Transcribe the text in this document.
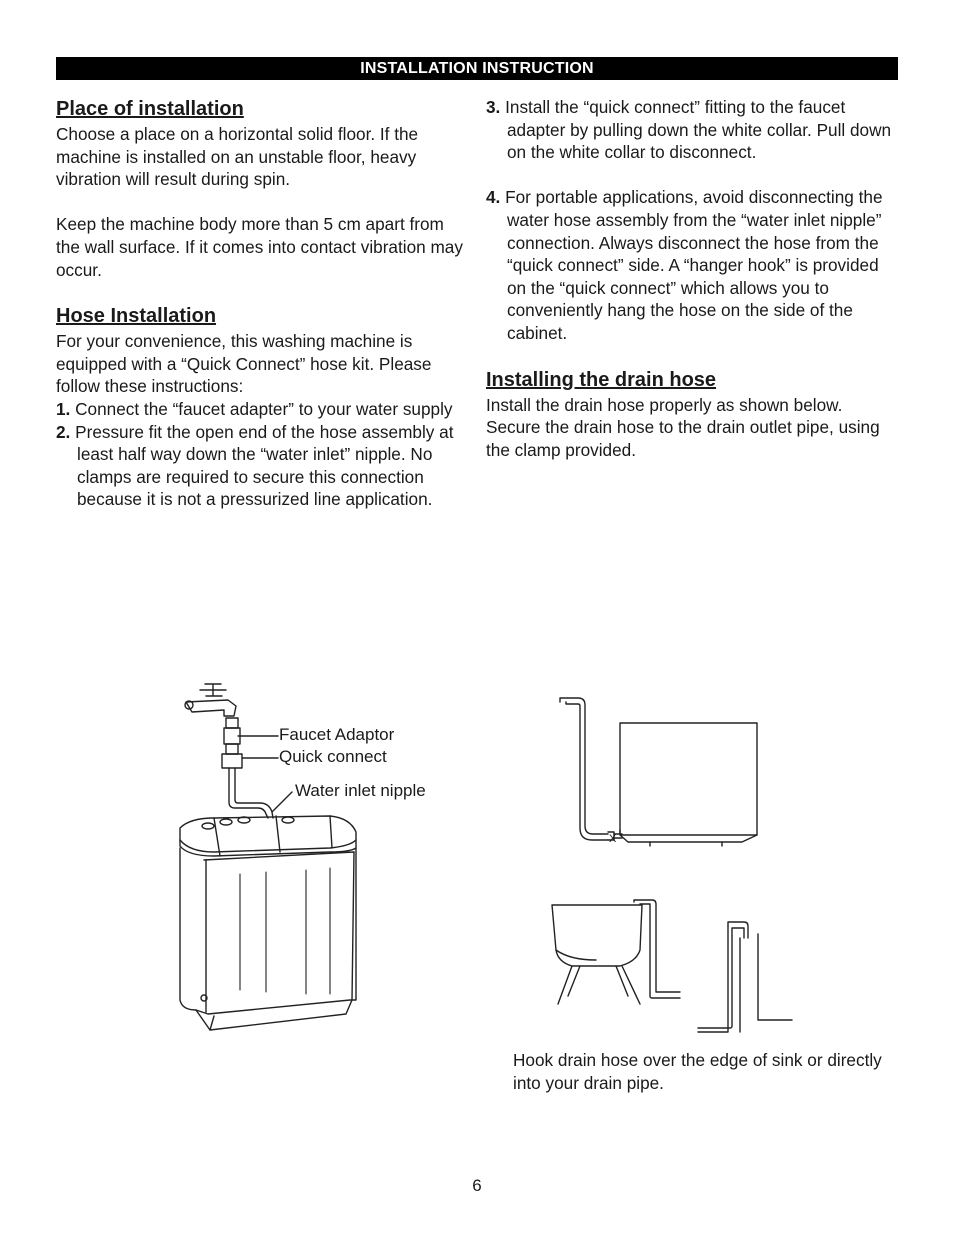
INSTALLATION INSTRUCTION
Place of installation

Choose a place on a horizontal solid floor. If the machine is installed on an unstable floor, heavy vibration will result during spin.

Keep the machine body more than 5 cm apart from the wall surface. If it comes into contact vibration may occur.

Hose Installation

For your convenience, this washing machine is equipped with a “Quick Connect” hose kit. Please follow these instructions:

1. Connect the “faucet adapter” to your water supply

2. Pressure fit the open end of the hose assembly at least half way down the “water inlet” nipple. No clamps are required to secure this connection because it is not a pressurized line application.

3. Install the “quick connect” fitting to the faucet adapter by pulling down the white collar. Pull down on the white collar to disconnect.

4. For portable applications, avoid disconnecting the water hose assembly from the “water inlet nipple” connection. Always disconnect the hose from the “quick connect” side. A “hanger hook” is provided on the “quick connect” which allows you to conveniently hang the hose on the side of the cabinet.

Installing the drain hose

Install the drain hose properly as shown below. Secure the drain hose to the drain outlet pipe, using the clamp provided.

Faucet Adaptor
Quick connect
Water inlet nipple
X
Hook drain hose over the edge of sink or directly into your drain pipe.
6
